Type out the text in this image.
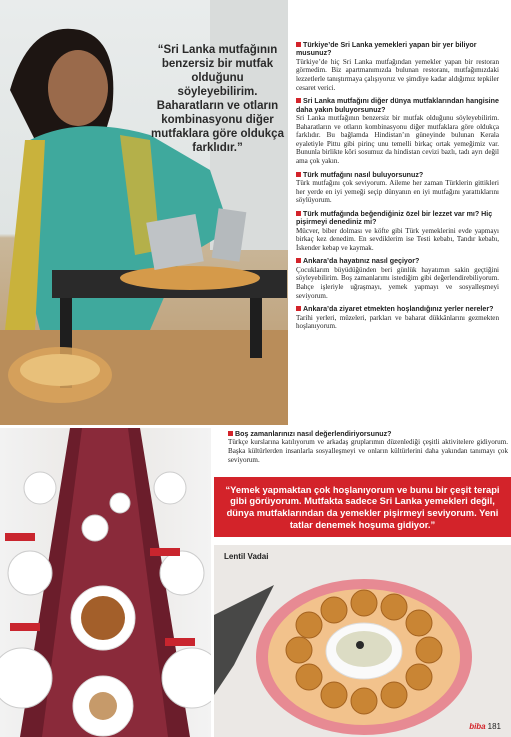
“Sri Lanka mutfağının benzersiz bir mutfak olduğunu söyleyebilirim. Baharatların ve otların kombinasyonu diğer mutfaklara göre oldukça farklıdır.”

Türkiye’de Sri Lanka yemekleri yapan bir yer biliyor musunuz?

Türkiye’de hiç Sri Lanka mutfağından yemekler yapan bir restoran görmedim. Biz apartmanımızda bulunan restoranı, mutfağımızdaki lezzetlerle tanıştırmaya çalışıyoruz ve şimdiye kadar aldığımız tepkiler cesaret verici.

Sri Lanka mutfağını diğer dünya mutfaklarından hangisine daha yakın buluyorsunuz?

Sri Lanka mutfağının benzersiz bir mutfak olduğunu söyleyebilirim. Baharatların ve otların kombinasyonu diğer mutfaklara göre oldukça farklıdır. Bu bağlamda Hindistan’ın güneyinde bulunan Kerala eyaletiyle Pittu gibi pirinç unu temelli birkaç ortak yemeğimiz var. Bununla birlikte kõri sosumuz da hindistan cevizi bazlı, tadı ayrı değil ama çok yakın.

Türk mutfağını nasıl buluyorsunuz?

Türk mutfağını çok seviyorum. Aileme her zaman Türklerin gittikleri her yerde en iyi yemeği seçip dünyanın en iyi mutfağını yarattıklarını söylüyorum.

Türk mutfağında beğendiğiniz özel bir lezzet var mı? Hiç pişirmeyi denediniz mi?

Mücver, biber dolması ve köfte gibi Türk yemeklerini evde yapmayı birkaç kez denedim. En sevdiklerim ise Testi kebabı, Tandır kebabı, İskender kebap ve kaymak.

Ankara’da hayatınız nasıl geçiyor?

Çocuklarım büyüdüğünden beri günlük hayatımın sakin geçtiğini söyleyebilirim. Boş zamanlarımı istediğim gibi değerlendirebiliyorum. Bahçe işleriyle uğraşmayı, yemek yapmayı ve sosyalleşmeyi seviyorum.

Ankara’da ziyaret etmekten hoşlandığınız yerler nereler?

Tarihi yerleri, müzeleri, parkları ve baharat dükkânlarını gezmekten hoşlanıyorum.

Boş zamanlarınızı nasıl değerlendiriyorsunuz?

Türkçe kurslarına katılıyorum ve arkadaş gruplarımın düzenlediği çeşitli aktivitelere gidiyorum. Başka kültürlerden insanlarla sosyalleşmeyi ve onların kültürlerini daha yakından tanımayı çok seviyorum.

“Yemek yapmaktan çok hoşlanıyorum ve bunu bir çeşit terapi gibi görüyorum. Mutfakta sadece Sri Lanka yemekleri değil, dünya mutfaklarından da yemekler pişirmeyi seviyorum. Yeni tatlar denemek hoşuma gidiyor.”
Lentil Vadai
biba 181
